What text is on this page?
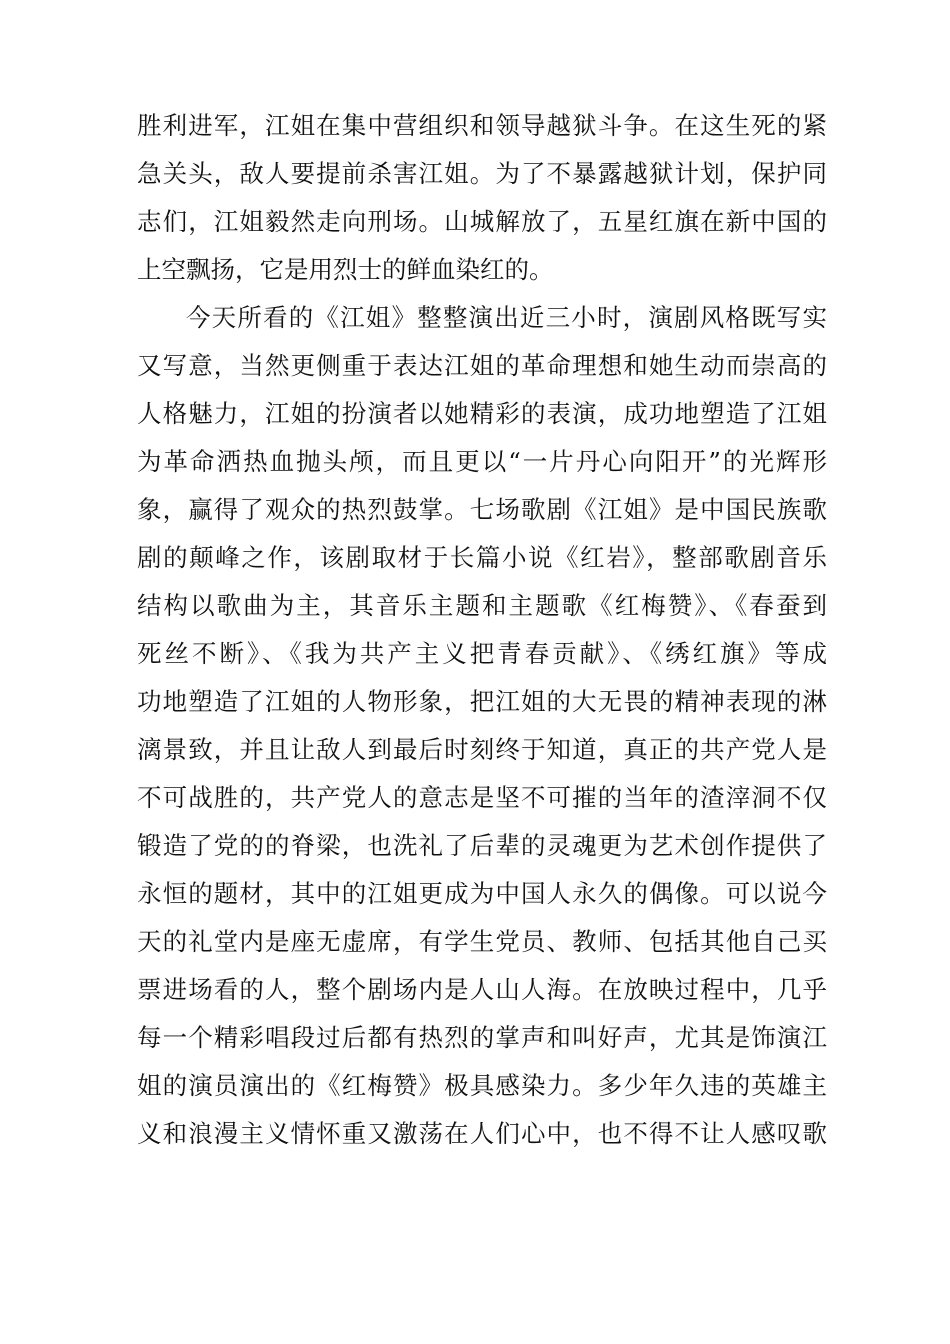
胜利进军，江姐在集中营组织和领导越狱斗争。在这生死的紧
急关头，敌人要提前杀害江姐。为了不暴露越狱计划，保护同
志们，江姐毅然走向刑场。山城解放了，五星红旗在新中国的
上空飘扬，它是用烈士的鲜血染红的。
今天所看的《江姐》整整演出近三小时，演剧风格既写实
又写意，当然更侧重于表达江姐的革命理想和她生动而崇高的
人格魅力，江姐的扮演者以她精彩的表演，成功地塑造了江姐
为革命洒热血抛头颅，而且更以“一片丹心向阳开”的光辉形
象，赢得了观众的热烈鼓掌。七场歌剧《江姐》是中国民族歌
剧的颠峰之作，该剧取材于长篇小说《红岩》，整部歌剧音乐
结构以歌曲为主，其音乐主题和主题歌《红梅赞》、《春蚕到
死丝不断》、《我为共产主义把青春贡献》、《绣红旗》等成
功地塑造了江姐的人物形象，把江姐的大无畏的精神表现的淋
漓景致，并且让敌人到最后时刻终于知道，真正的共产党人是
不可战胜的，共产党人的意志是坚不可摧的当年的渣滓洞不仅
锻造了党的的脊梁，也洗礼了后辈的灵魂更为艺术创作提供了
永恒的题材，其中的江姐更成为中国人永久的偶像。可以说今
天的礼堂内是座无虚席，有学生党员、教师、包括其他自己买
票进场看的人，整个剧场内是人山人海。在放映过程中，几乎
每一个精彩唱段过后都有热烈的掌声和叫好声，尤其是饰演江
姐的演员演出的《红梅赞》极具感染力。多少年久违的英雄主
义和浪漫主义情怀重又激荡在人们心中，也不得不让人感叹歌
